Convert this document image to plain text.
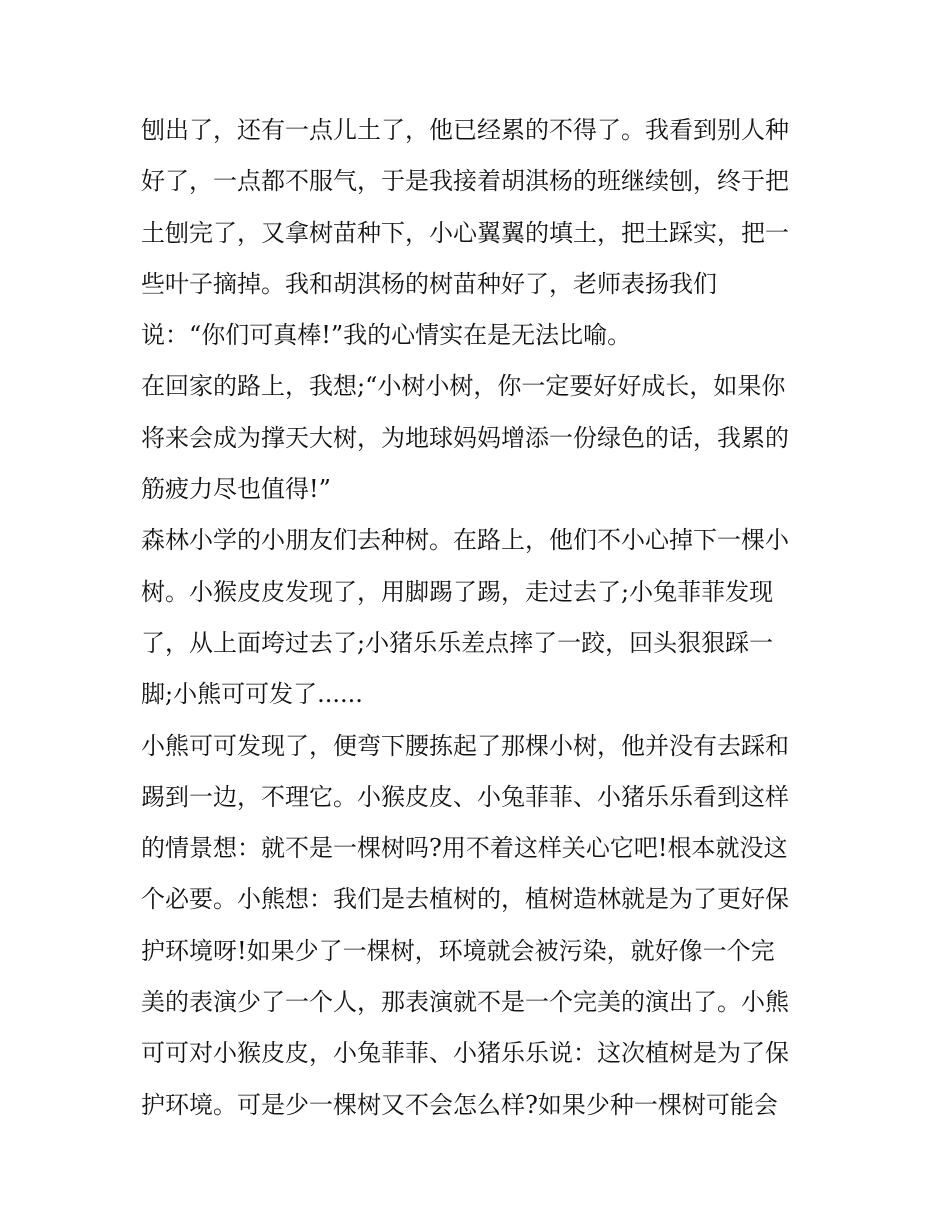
刨出了，还有一点儿土了，他已经累的不得了。我看到别人种
好了，一点都不服气，于是我接着胡淇杨的班继续刨，终于把
土刨完了，又拿树苗种下，小心翼翼的填土，把土踩实，把一
些叶子摘掉。我和胡淇杨的树苗种好了，老师表扬我们
说：“你们可真棒!”我的心情实在是无法比喻。
在回家的路上，我想;“小树小树，你一定要好好成长，如果你
将来会成为撑天大树，为地球妈妈增添一份绿色的话，我累的
筋疲力尽也值得!”
森林小学的小朋友们去种树。在路上，他们不小心掉下一棵小
树。小猴皮皮发现了，用脚踢了踢，走过去了;小兔菲菲发现
了，从上面垮过去了;小猪乐乐差点摔了一跤，回头狠狠踩一
脚;小熊可可发了......
小熊可可发现了，便弯下腰拣起了那棵小树，他并没有去踩和
踢到一边，不理它。小猴皮皮、小兔菲菲、小猪乐乐看到这样
的情景想：就不是一棵树吗?用不着这样关心它吧!根本就没这
个必要。小熊想：我们是去植树的，植树造林就是为了更好保
护环境呀!如果少了一棵树，环境就会被污染，就好像一个完
美的表演少了一个人，那表演就不是一个完美的演出了。小熊
可可对小猴皮皮，小兔菲菲、小猪乐乐说：这次植树是为了保
护环境。可是少一棵树又不会怎么样?如果少种一棵树可能会
